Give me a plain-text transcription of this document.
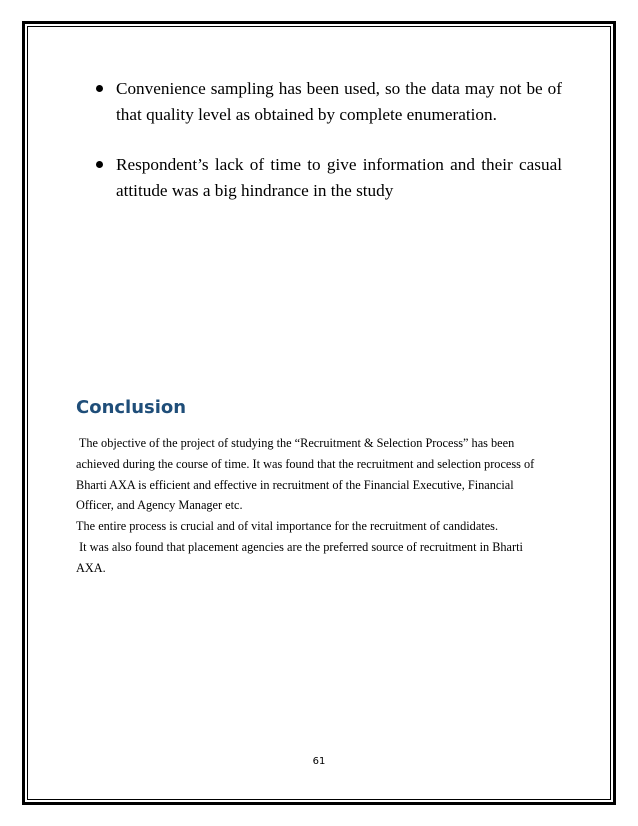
Convenience sampling has been used, so the data may not be of that quality level as obtained by complete enumeration.
Respondent’s lack of time to give information and their casual attitude was a big hindrance in the study
Conclusion

The objective of the project of studying the “Recruitment & Selection Process” has been

achieved during the course of time. It was found that the recruitment and selection process of

Bharti AXA is efficient and effective in recruitment of the Financial Executive, Financial

Officer, and Agency Manager etc.

The entire process is crucial and of vital importance for the recruitment of candidates.

It was also found that placement agencies are the preferred source of recruitment in Bharti

AXA.

61
